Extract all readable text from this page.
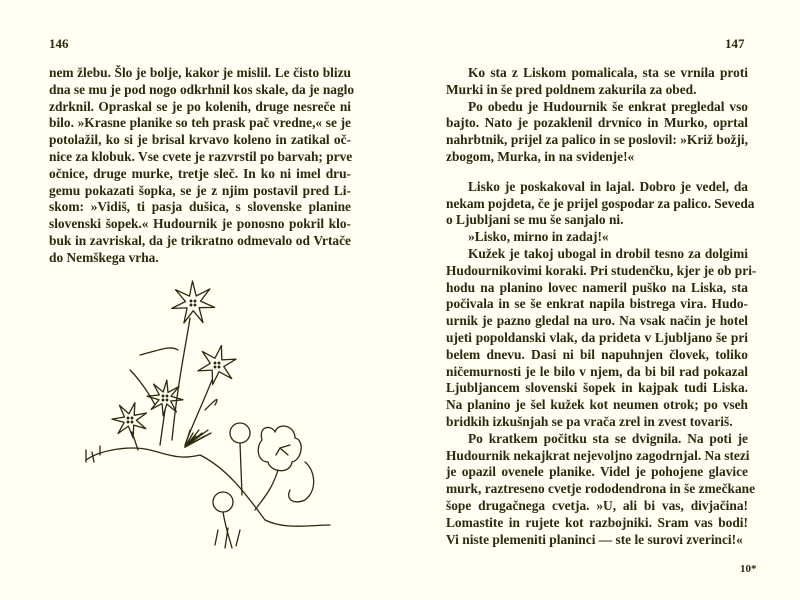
146
nem žlebu. Šlo je bolje, kakor je mislil. Le čisto blizu
dna se mu je pod nogo odkrhnil kos skale, da je naglo
zdrknil. Opraskal se je po kolenih, druge nesreče ni
bilo. »Krasne planike so teh prask pač vredne,« se je
potolažil, ko si je brisal krvavo koleno in zatikal oč-
nice za klobuk. Vse cvete je razvrstil po barvah; prve
očnice, druge murke, tretje sleč. In ko ni imel dru-
gemu pokazati šopka, se je z njim postavil pred Li-
skom: »Vidiš, ti pasja dušica, s slovenske planine
slovenski šopek.« Hudournik je ponosno pokril klo-
buk in zavriskal, da je trikratno odmevalo od Vrtače
do Nemškega vrha.
147
Ko sta z Liskom pomalicala, sta se vrnila proti
Murki in še pred poldnem zakurila za obed.
Po obedu je Hudournik še enkrat pregledal vso
bajto. Nato je pozaklenil drvníco in Murko, oprtal
nahrbtnik, prijel za palico in se poslovil: »Križ božji,
zbogom, Murka, in na svidenje!«
Lisko je poskakoval in lajal. Dobro je vedel, da
nekam pojdeta, če je prijel gospodar za palico. Seveda
o Ljubljani se mu še sanjalo ni.
»Lisko, mirno in zadaj!«
Kužek je takoj ubogal in drobil tesno za dolgimi
Hudournikovimi koraki. Pri studenčku, kjer je ob pri-
hodu na planino lovec nameril puško na Liska, sta
počivala in se še enkrat napila bistrega vira. Hudo-
urnik je pazno gledal na uro. Na vsak način je hotel
ujeti popoldanski vlak, da prideta v Ljubljano še pri
belem dnevu. Dasi ni bil napuhnjen človek, toliko
ničemurnosti je le bilo v njem, da bi bil rad pokazal
Ljubljancem slovenski šopek in kajpak tudi Liska.
Na planino je šel kužek kot neumen otrok; po vseh
bridkih izkušnjah se pa vrača zrel in zvest tovariš.
Po kratkem počitku sta se dvignila. Na poti je
Hudournik nekajkrat nejevoljno zagodrnjal. Na stezi
je opazil ovenele planike. Videl je pohojene glavice
murk, raztreseno cvetje rododendrona in še zmečkane
šope drugačnega cvetja. »U, ali bi vas, divjačina!
Lomastite in rujete kot razbojniki. Sram vas bodi!
Vi niste plemeniti planinci — ste le surovi zverinci!«
10*
